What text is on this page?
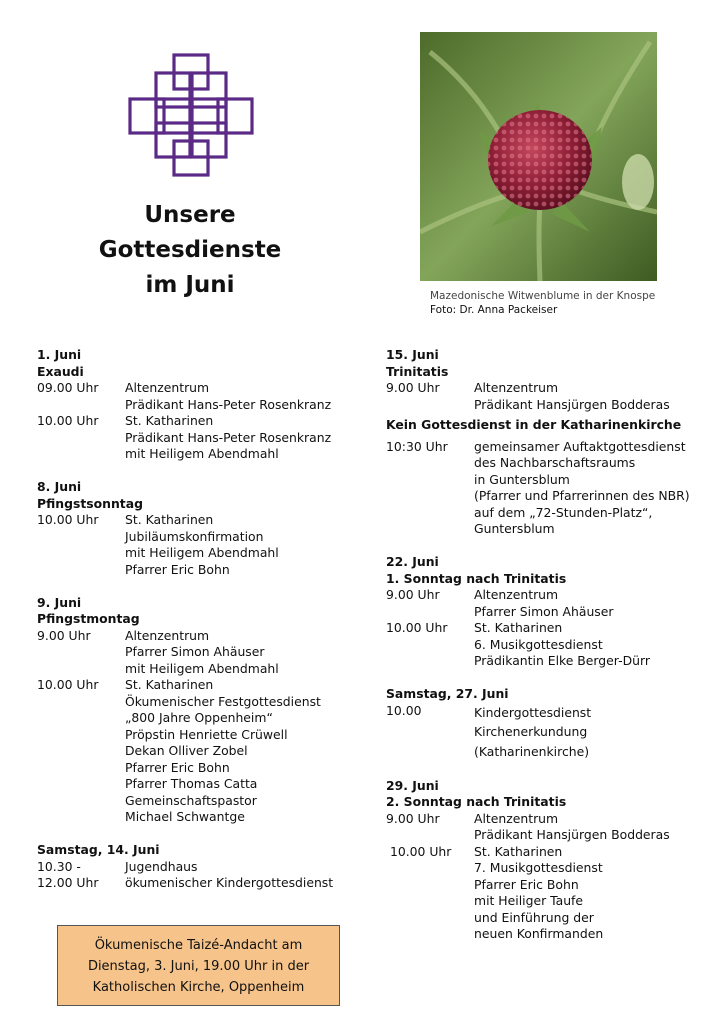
Unsere
Gottesdienste
im Juni	Mazedonische Witwenblume in der Knospe
Foto: Dr. Anna Packeiser
1. Juni
Exaudi
09.00 Uhr	Altenzentrum
Prädikant Hans-Peter Rosenkranz
10.00 Uhr	St. Katharinen
Prädikant Hans-Peter Rosenkranz
mit Heiligem Abendmahl
8. Juni
Pfingstsonntag
10.00 Uhr	St. Katharinen
Jubiläumskonfirmation
mit Heiligem Abendmahl
Pfarrer Eric Bohn
9. Juni
Pfingstmontag
9.00 Uhr	Altenzentrum
Pfarrer Simon Ahäuser
mit Heiligem Abendmahl
10.00 Uhr	St. Katharinen
Ökumenischer Festgottesdienst
„800 Jahre Oppenheim“
Pröpstin Henriette Crüwell
Dekan Olliver Zobel
Pfarrer Eric Bohn
Pfarrer Thomas Catta
Gemeinschaftspastor
Michael Schwantge
Samstag, 14. Juni
10.30 -	Jugendhaus
12.00 Uhr	ökumenischer Kindergottesdienst
15. Juni
Trinitatis
9.00 Uhr	Altenzentrum
Prädikant Hansjürgen Bodderas
Kein Gottesdienst in der Katharinenkirche
10:30 Uhr	gemeinsamer Auftaktgottesdienst
des Nachbarschaftsraums
in Guntersblum
(Pfarrer und Pfarrerinnen des NBR)
auf dem „72-Stunden-Platz“,
Guntersblum
22. Juni
1. Sonntag nach Trinitatis
9.00 Uhr	Altenzentrum
Pfarrer Simon Ahäuser
10.00 Uhr	St. Katharinen
6. Musikgottesdienst
Prädikantin Elke Berger-Dürr
Samstag, 27. Juni
10.00	Kindergottesdienst
Kirchenerkundung
(Katharinenkirche)
29. Juni
2. Sonntag nach Trinitatis
9.00 Uhr	Altenzentrum
Prädikant Hansjürgen Bodderas
10.00 Uhr	St. Katharinen
7. Musikgottesdienst
Pfarrer Eric Bohn
mit Heiliger Taufe
und Einführung der
neuen Konfirmanden
Ökumenische Taizé-Andacht am
Dienstag, 3. Juni, 19.00 Uhr in der
Katholischen Kirche, Oppenheim
